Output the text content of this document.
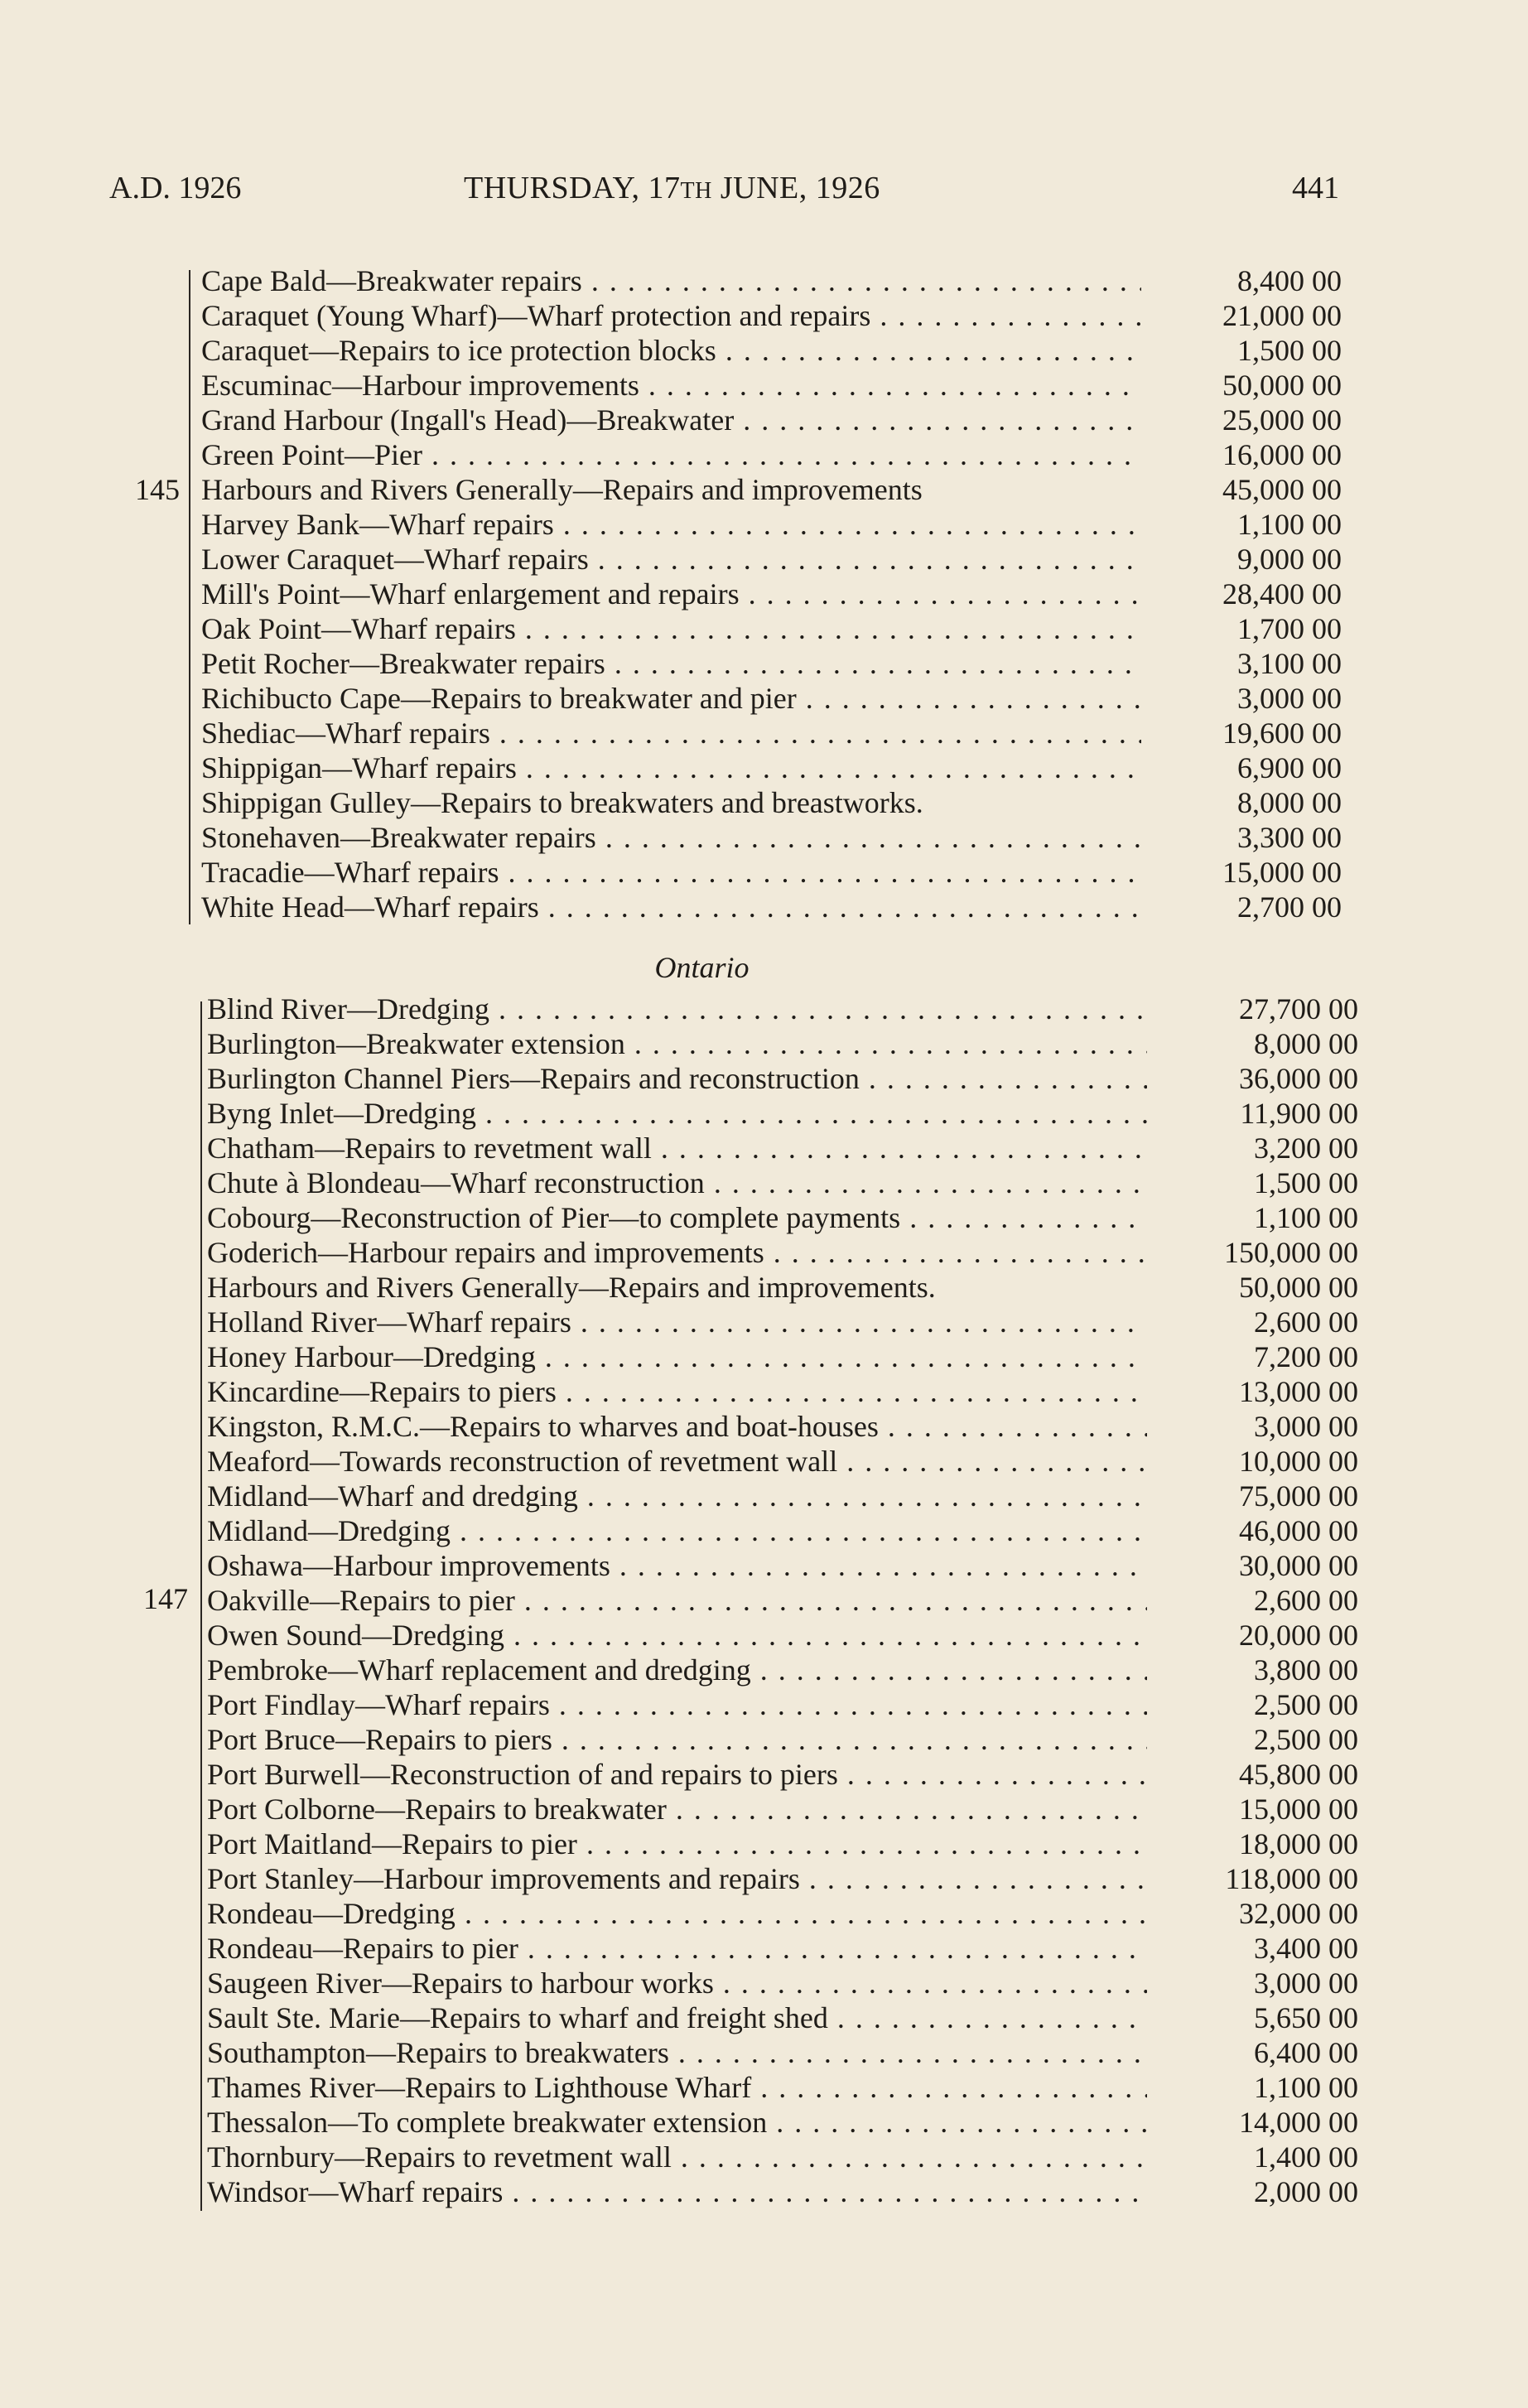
A.D. 1926	THURSDAY, 17TH JUNE, 1926	441
145
Cape Bald—Breakwater repairs . . .	8,400 00
Caraquet (Young Wharf)—Wharf protection and repairs . . .	21,000 00
Caraquet—Repairs to ice protection blocks . . .	1,500 00
Escuminac—Harbour improvements . . .	50,000 00
Grand Harbour (Ingall's Head)—Breakwater . . .	25,000 00
Green Point—Pier . . .	16,000 00
Harbours and Rivers Generally—Repairs and improvements	45,000 00
Harvey Bank—Wharf repairs . . .	1,100 00
Lower Caraquet—Wharf repairs . . .	9,000 00
Mill's Point—Wharf enlargement and repairs . . .	28,400 00
Oak Point—Wharf repairs . . .	1,700 00
Petit Rocher—Breakwater repairs . . .	3,100 00
Richibucto Cape—Repairs to breakwater and pier . . .	3,000 00
Shediac—Wharf repairs . . .	19,600 00
Shippigan—Wharf repairs . . .	6,900 00
Shippigan Gulley—Repairs to breakwaters and breastworks.	8,000 00
Stonehaven—Breakwater repairs . . .	3,300 00
Tracadie—Wharf repairs . . .	15,000 00
White Head—Wharf repairs . . .	2,700 00
Ontario
147
Blind River—Dredging . . .	27,700 00
Burlington—Breakwater extension . . .	8,000 00
Burlington Channel Piers—Repairs and reconstruction . . .	36,000 00
Byng Inlet—Dredging . . .	11,900 00
Chatham—Repairs to revetment wall . . .	3,200 00
Chute à Blondeau—Wharf reconstruction . . .	1,500 00
Cobourg—Reconstruction of Pier—to complete payments . . .	1,100 00
Goderich—Harbour repairs and improvements . . .	150,000 00
Harbours and Rivers Generally—Repairs and improvements.	50,000 00
Holland River—Wharf repairs . . .	2,600 00
Honey Harbour—Dredging . . .	7,200 00
Kincardine—Repairs to piers . . .	13,000 00
Kingston, R.M.C.—Repairs to wharves and boat-houses . . .	3,000 00
Meaford—Towards reconstruction of revetment wall . . .	10,000 00
Midland—Wharf and dredging . . .	75,000 00
Midland—Dredging . . .	46,000 00
Oshawa—Harbour improvements . . .	30,000 00
Oakville—Repairs to pier . . .	2,600 00
Owen Sound—Dredging . . .	20,000 00
Pembroke—Wharf replacement and dredging . . .	3,800 00
Port Findlay—Wharf repairs . . .	2,500 00
Port Bruce—Repairs to piers . . .	2,500 00
Port Burwell—Reconstruction of and repairs to piers . . .	45,800 00
Port Colborne—Repairs to breakwater . . .	15,000 00
Port Maitland—Repairs to pier . . .	18,000 00
Port Stanley—Harbour improvements and repairs . . .	118,000 00
Rondeau—Dredging . . .	32,000 00
Rondeau—Repairs to pier . . .	3,400 00
Saugeen River—Repairs to harbour works . . .	3,000 00
Sault Ste. Marie—Repairs to wharf and freight shed . . .	5,650 00
Southampton—Repairs to breakwaters . . .	6,400 00
Thames River—Repairs to Lighthouse Wharf . . .	1,100 00
Thessalon—To complete breakwater extension . . .	14,000 00
Thornbury—Repairs to revetment wall . . .	1,400 00
Windsor—Wharf repairs . . .	2,000 00
